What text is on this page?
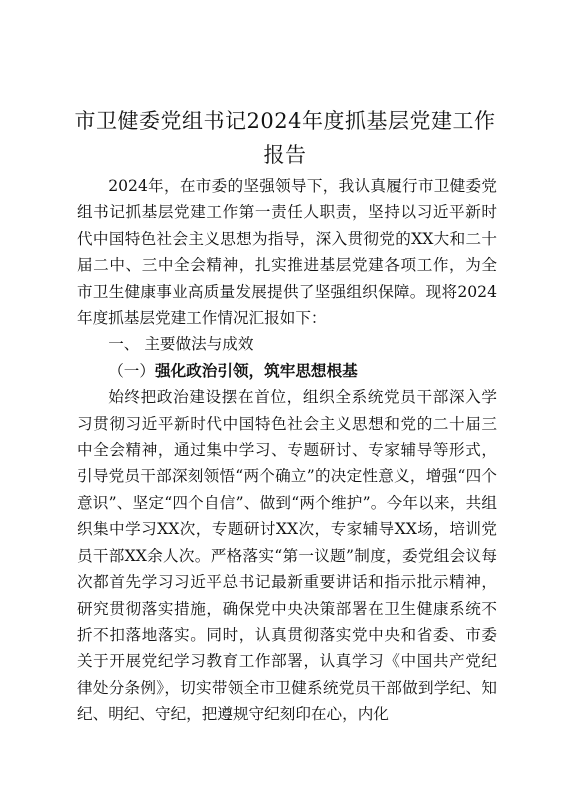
市卫健委党组书记2024年度抓基层党建工作
报告

2024年，在市委的坚强领导下，我认真履行市卫健委党组书记抓基层党建工作第一责任人职责，坚持以习近平新时代中国特色社会主义思想为指导，深入贯彻党的XX大和二十届二中、三中全会精神，扎实推进基层党建各项工作，为全市卫生健康事业高质量发展提供了坚强组织保障。现将2024年度抓基层党建工作情况汇报如下：

一、 主要做法与成效

（一）强化政治引领，筑牢思想根基

始终把政治建设摆在首位，组织全系统党员干部深入学习贯彻习近平新时代中国特色社会主义思想和党的二十届三中全会精神，通过集中学习、专题研讨、专家辅导等形式，引导党员干部深刻领悟“两个确立”的决定性意义，增强“四个意识”、坚定“四个自信”、做到“两个维护”。今年以来，共组织集中学习XX次，专题研讨XX次，专家辅导XX场，培训党员干部XX余人次。严格落实“第一议题”制度，委党组会议每次都首先学习习近平总书记最新重要讲话和指示批示精神，研究贯彻落实措施，确保党中央决策部署在卫生健康系统不折不扣落地落实。同时，认真贯彻落实党中央和省委、市委关于开展党纪学习教育工作部署，认真学习《中国共产党纪律处分条例》，切实带领全市卫健系统党员干部做到学纪、知纪、明纪、守纪，把遵规守纪刻印在心，内化
